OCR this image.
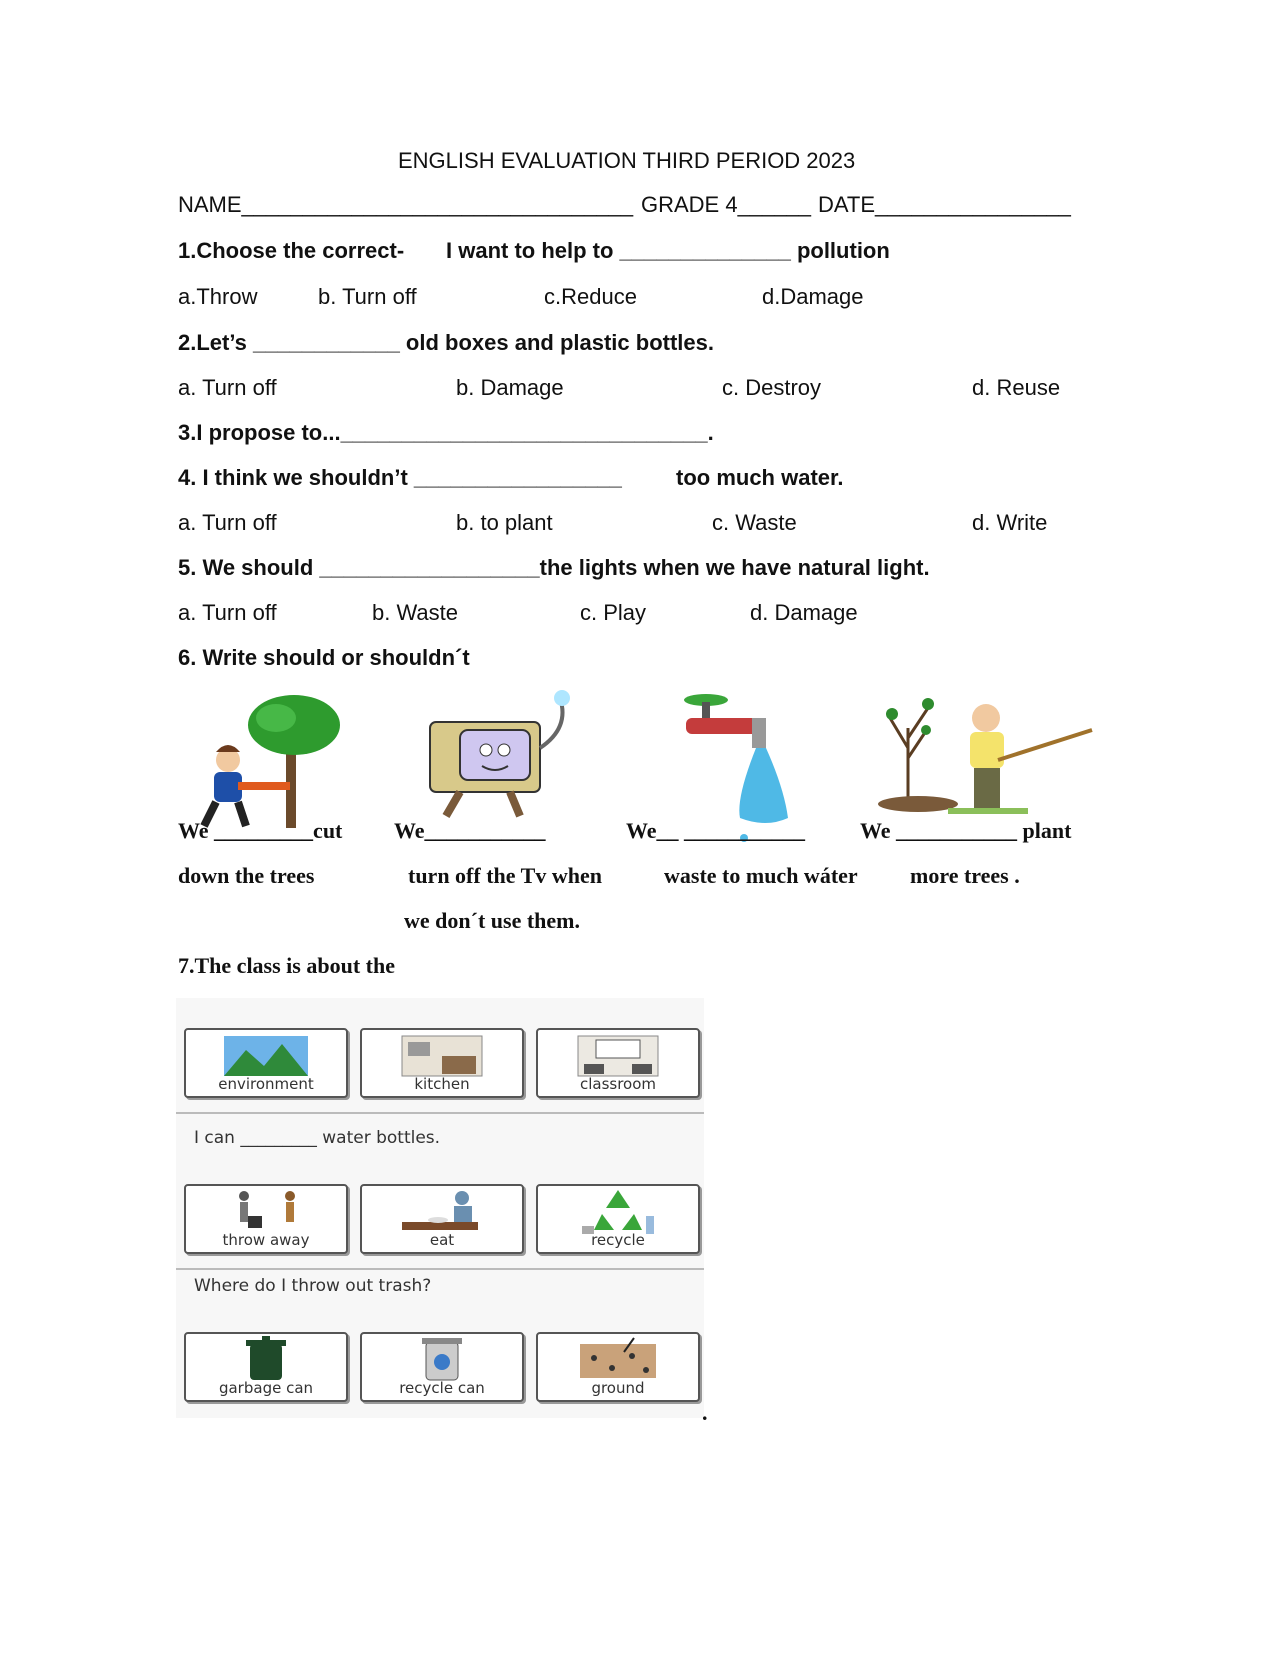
ENGLISH EVALUATION THIRD PERIOD 2023
NAME________________________________ GRADE 4______ DATE________________
1.Choose the correct- I want to help to ______________ pollution
a.Throw	b. Turn off	c.Reduce	d.Damage
2.Let’s ____________ old boxes and plastic bottles.
a. Turn off	b. Damage	c. Destroy	d. Reuse
3.I propose to...______________________________.
4. I think we shouldn’t _________________ too much water.
a. Turn off	b. to plant	c. Waste	d. Write
5. We should __________________the lights when we have natural light.
a. Turn off	b. Waste	c. Play	d. Damage
6. Write should or shouldn´t
We _________cut We___________	We__ ___________ We ___________ plant
down the trees	turn off the Tv when	waste to much wáter more trees .
we don´t use them.
7.The class is about the
environment	kitchen	classroom
I can _________ water bottles.
throw away	eat	recycle
Where do I throw out trash?
garbage can	recycle can	ground
.
